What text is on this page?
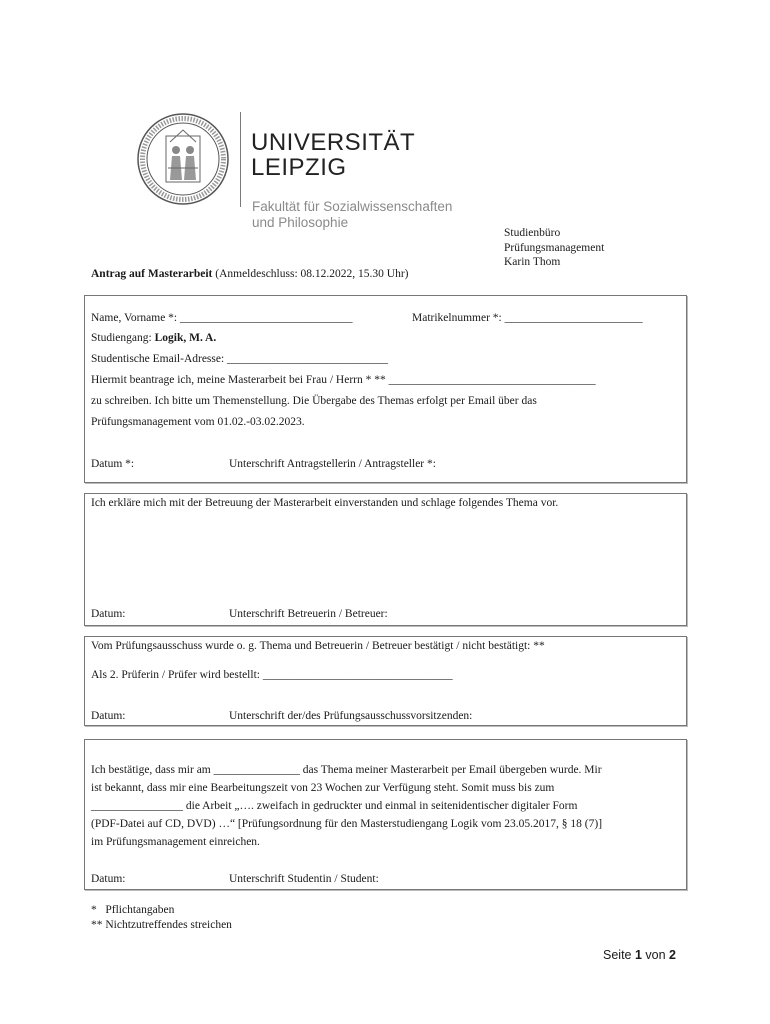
UNIVERSITÄT
LEIPZIG
Fakultät für Sozialwissenschaften
und Philosophie
Studienbüro
Prüfungsmanagement
Karin Thom
Antrag auf Masterarbeit (Anmeldeschluss: 08.12.2022, 15.30 Uhr)
Name, Vorname *: ______________________________	Matrikelnummer *: ________________________
Studiengang: Logik, M. A.
Studentische Email-Adresse: ____________________________
Hiermit beantrage ich, meine Masterarbeit bei Frau / Herrn * ** ____________________________________
zu schreiben. Ich bitte um Themenstellung. Die Übergabe des Themas erfolgt per Email über das
Prüfungsmanagement vom 01.02.-03.02.2023.
Datum *:	Unterschrift Antragstellerin / Antragsteller *:
Ich erkläre mich mit der Betreuung der Masterarbeit einverstanden und schlage folgendes Thema vor.
Datum:	Unterschrift Betreuerin / Betreuer:
Vom Prüfungsausschuss wurde o. g. Thema und Betreuerin / Betreuer bestätigt / nicht bestätigt: **
Als 2. Prüferin / Prüfer wird bestellt: _________________________________
Datum:	Unterschrift der/des Prüfungsausschussvorsitzenden:
Ich bestätige, dass mir am _______________ das Thema meiner Masterarbeit per Email übergeben wurde. Mir
ist bekannt, dass mir eine Bearbeitungszeit von 23 Wochen zur Verfügung steht. Somit muss bis zum
________________ die Arbeit „…. zweifach in gedruckter und einmal in seitenidentischer digitaler Form
(PDF-Datei auf CD, DVD) …“ [Prüfungsordnung für den Masterstudiengang Logik vom 23.05.2017, § 18 (7)]
im Prüfungsmanagement einreichen.
Datum:	Unterschrift Studentin / Student:
*   Pflichtangaben
** Nichtzutreffendes streichen
Seite 1 von 2
